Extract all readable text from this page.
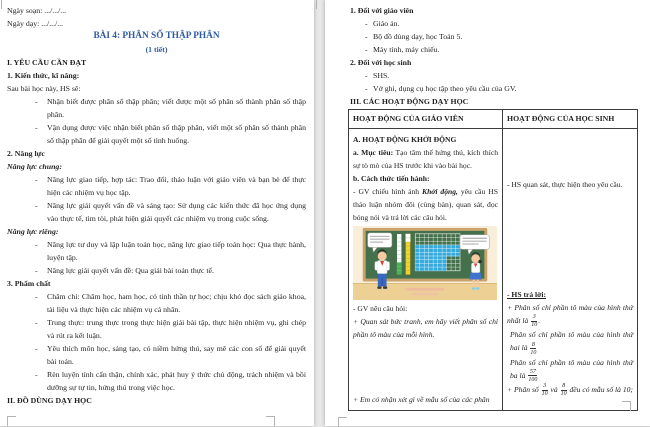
Ngày soạn: .../.../...
Ngày dạy: .../.../...
BÀI 4: PHÂN SỐ THẬP PHÂN
(1 tiết)
I. YÊU CẦU CẦN ĐẠT
1. Kiến thức, kĩ năng:
Sau bài học này, HS sẽ:
- Nhận biết được phân số thập phân; viết được một số phân số thành phân số thập phân.
- Vận dụng được việc nhận biết phân số thập phân, viết một số phân số thành phân số thập phân để giải quyết một số tình huống.
2. Năng lực
Năng lực chung:
- Năng lực giao tiếp, hợp tác: Trao đổi, thảo luận với giáo viên và bạn bè để thực hiện các nhiệm vụ học tập.
- Năng lực giải quyết vấn đề và sáng tạo: Sử dụng các kiến thức đã học ứng dụng vào thực tế, tìm tòi, phát hiện giải quyết các nhiệm vụ trong cuộc sống.
Năng lực riêng:
- Năng lực tư duy và lập luận toán học, năng lực giao tiếp toán học: Qua thực hành, luyện tập.
- Năng lực giải quyết vấn đề: Qua giải bài toán thực tế.
3. Phẩm chất
- Chăm chỉ: Chăm học, ham học, có tinh thần tự học; chịu khó đọc sách giáo khoa, tài liệu và thực hiện các nhiệm vụ cá nhân.
- Trung thực: trung thực trong thực hiện giải bài tập, thực hiện nhiệm vụ, ghi chép và rút ra kết luận.
- Yêu thích môn học, sáng tạo, có niềm hứng thú, say mê các con số để giải quyết bài toán.
- Rèn luyện tính cẩn thận, chính xác, phát huy ý thức chủ động, trách nhiệm và bồi dưỡng sự tự tin, hứng thú trong việc học.
II. ĐỒ DÙNG DẠY HỌC
1. Đối với giáo viên
- Giáo án.
- Bộ đồ dùng dạy, học Toán 5.
- Máy tính, máy chiếu.
2. Đối với học sinh
- SHS.
- Vở ghi, dụng cụ học tập theo yêu cầu của GV.
III. CÁC HOẠT ĐỘNG DẠY HỌC
HOẠT ĐỘNG CỦA GIÁO VIÊN	HOẠT ĐỘNG CỦA HỌC SINH

A. HOẠT ĐỘNG KHỞI ĐỘNG

a. Mục tiêu: Tạo tâm thế hứng thú, kích thích sự tò mò của HS trước khi vào bài học.

b. Cách thức tiến hành:

- GV chiếu hình ảnh Khởi động, yêu cầu HS thảo luận nhóm đôi (cùng bàn), quan sát, đọc bóng nói và trả lời các câu hỏi.

- GV nêu câu hỏi:

+ Quan sát bức tranh, em hãy viết phân số chỉ phần tô màu của mỗi hình.

+ Em có nhận xét gì về mẫu số của các phân

- HS quan sát, thực hiện theo yêu cầu.

- HS trả lời:

+ Phân số chỉ phần tô màu của hình thứ nhất là $\frac{3}{10}$ .

Phân số chỉ phần tô màu của hình thứ hai là $\frac{8}{10}$

Phân số chỉ phần tô màu của hình thứ ba là $\frac{57}{100}$

+ Phân số $\frac{3}{10}$ và $\frac{8}{10}$ đều có mẫu số là 10;
